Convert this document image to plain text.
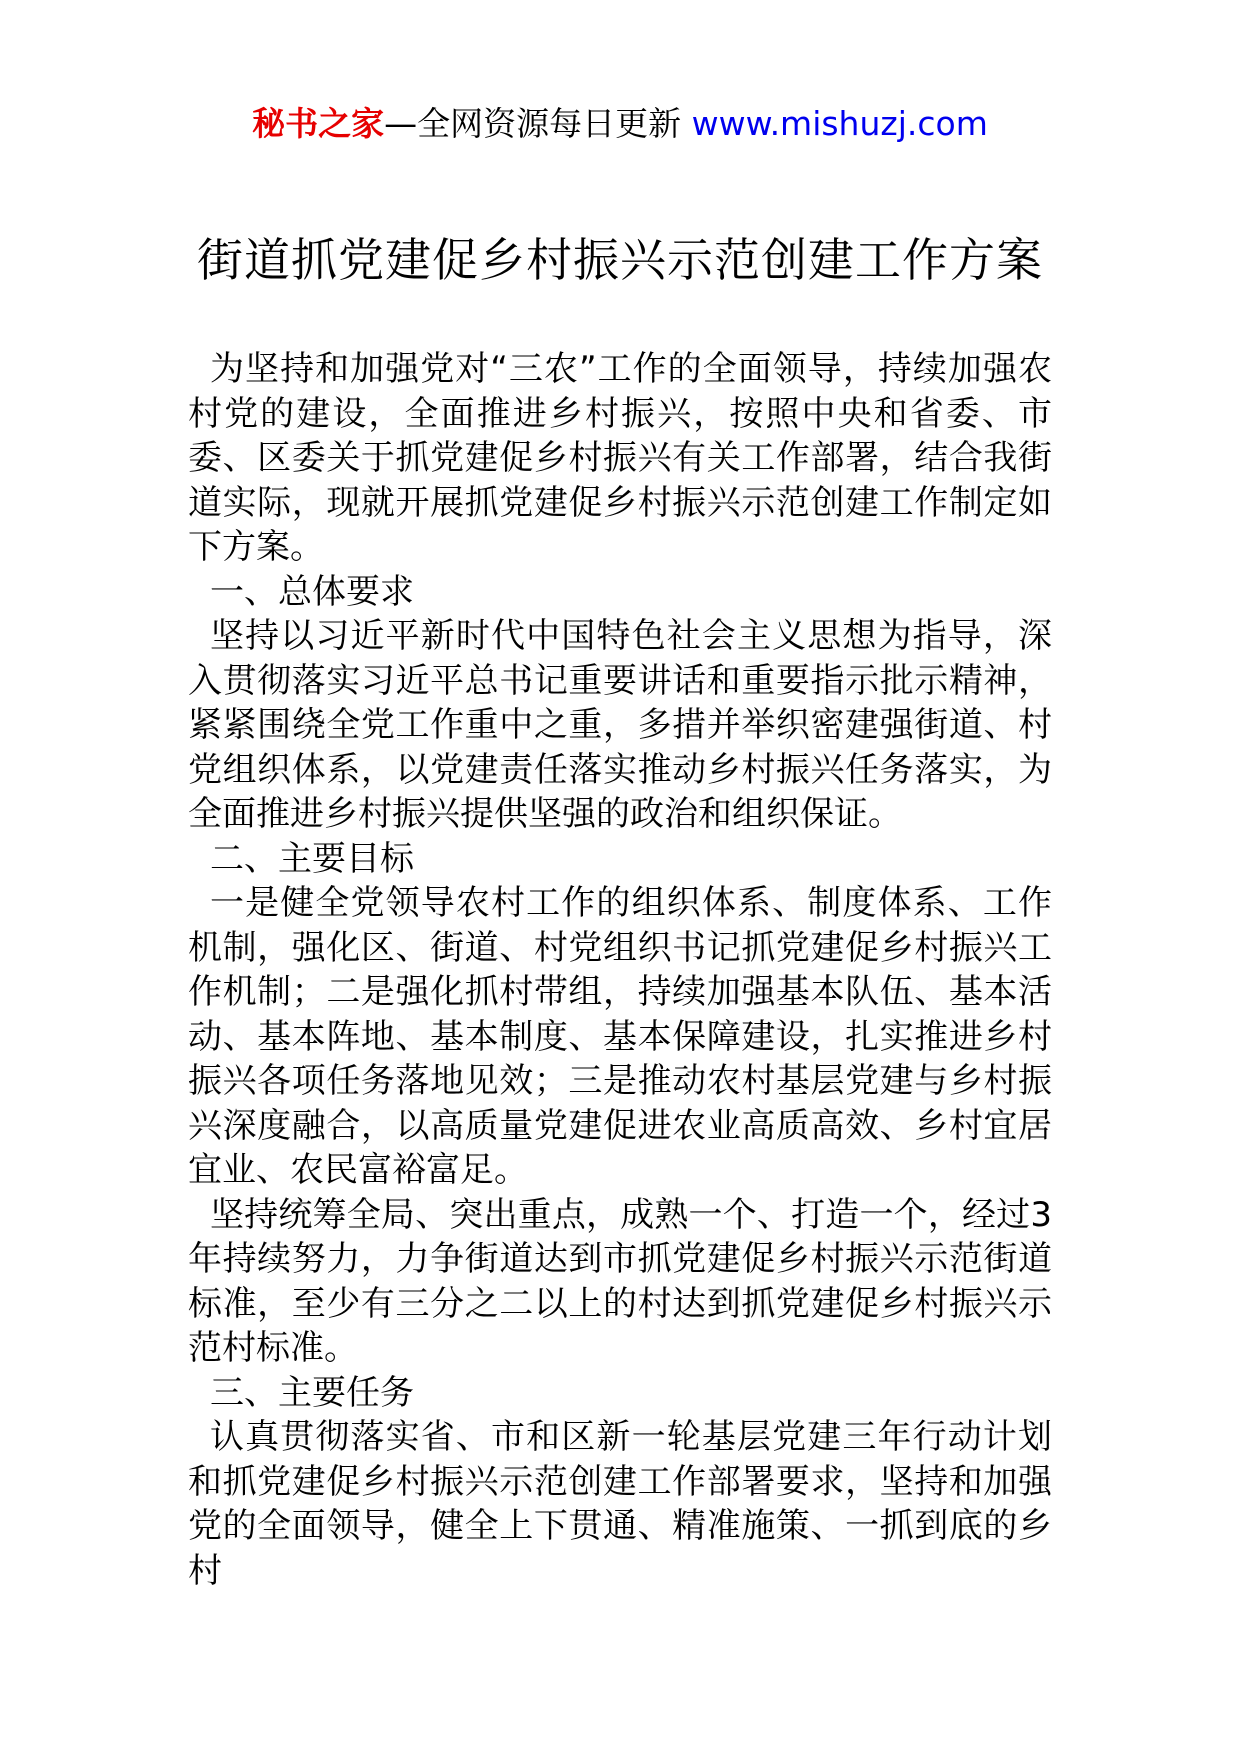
秘书之家—全网资源每日更新 www.mishuzj.com
街道抓党建促乡村振兴示范创建工作方案

为坚持和加强党对“三农”工作的全面领导，持续加强农村党的建设，全面推进乡村振兴，按照中央和省委、市委、区委关于抓党建促乡村振兴有关工作部署，结合我街道实际，现就开展抓党建促乡村振兴示范创建工作制定如下方案。

一、总体要求

坚持以习近平新时代中国特色社会主义思想为指导，深入贯彻落实习近平总书记重要讲话和重要指示批示精神，紧紧围绕全党工作重中之重，多措并举织密建强街道、村党组织体系，以党建责任落实推动乡村振兴任务落实，为全面推进乡村振兴提供坚强的政治和组织保证。

二、主要目标

一是健全党领导农村工作的组织体系、制度体系、工作机制，强化区、街道、村党组织书记抓党建促乡村振兴工作机制；二是强化抓村带组，持续加强基本队伍、基本活动、基本阵地、基本制度、基本保障建设，扎实推进乡村振兴各项任务落地见效；三是推动农村基层党建与乡村振兴深度融合，以高质量党建促进农业高质高效、乡村宜居宜业、农民富裕富足。

坚持统筹全局、突出重点，成熟一个、打造一个，经过3年持续努力，力争街道达到市抓党建促乡村振兴示范街道标准，至少有三分之二以上的村达到抓党建促乡村振兴示范村标准。

三、主要任务

认真贯彻落实省、市和区新一轮基层党建三年行动计划和抓党建促乡村振兴示范创建工作部署要求，坚持和加强党的全面领导，健全上下贯通、精准施策、一抓到底的乡村
